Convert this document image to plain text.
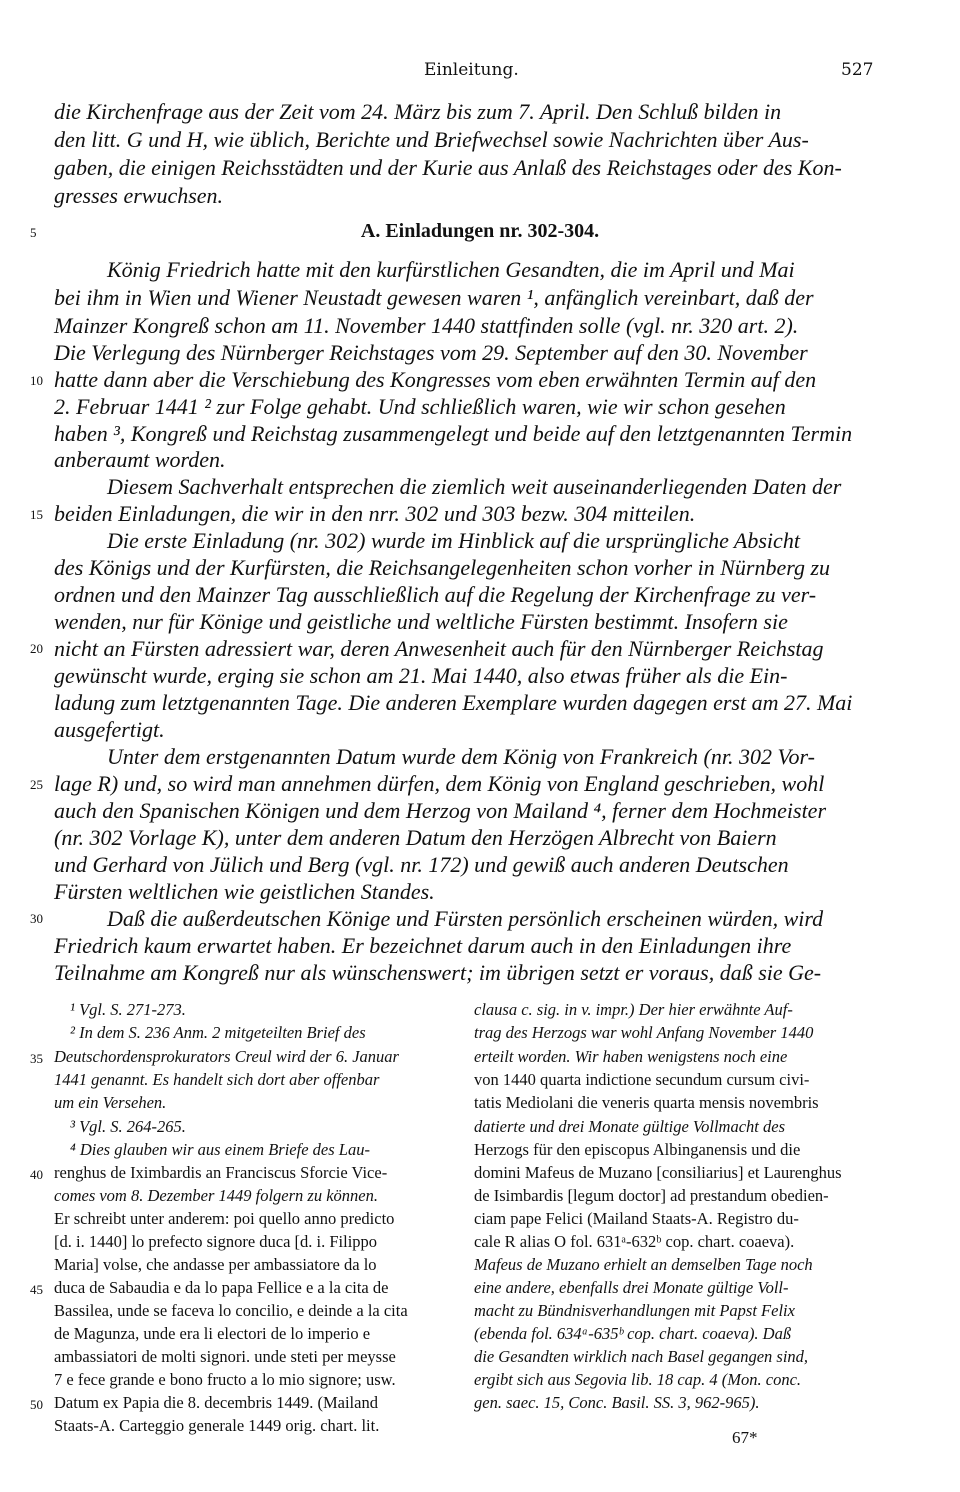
Einleitung.	527
die Kirchenfrage aus der Zeit vom 24. März bis zum 7. April. Den Schluß bilden in
den litt. G und H, wie üblich, Berichte und Briefwechsel sowie Nachrichten über Aus-
gaben, die einigen Reichsstädten und der Kurie aus Anlaß des Reichstages oder des Kon-
gresses erwuchsen.
5	A. Einladungen nr. 302-304.
König Friedrich hatte mit den kurfürstlichen Gesandten, die im April und Mai
bei ihm in Wien und Wiener Neustadt gewesen waren ¹, anfänglich vereinbart, daß der
Mainzer Kongreß schon am 11. November 1440 stattfinden solle (vgl. nr. 320 art. 2).
Die Verlegung des Nürnberger Reichstages vom 29. September auf den 30. November
10 hatte dann aber die Verschiebung des Kongresses vom eben erwähnten Termin auf den
2. Februar 1441 ² zur Folge gehabt. Und schließlich waren, wie wir schon gesehen
haben ³, Kongreß und Reichstag zusammengelegt und beide auf den letztgenannten Termin
anberaumt worden.
Diesem Sachverhalt entsprechen die ziemlich weit auseinanderliegenden Daten der
15 beiden Einladungen, die wir in den nrr. 302 und 303 bezw. 304 mitteilen.
Die erste Einladung (nr. 302) wurde im Hinblick auf die ursprüngliche Absicht
des Königs und der Kurfürsten, die Reichsangelegenheiten schon vorher in Nürnberg zu
ordnen und den Mainzer Tag ausschließlich auf die Regelung der Kirchenfrage zu ver-
wenden, nur für Könige und geistliche und weltliche Fürsten bestimmt. Insofern sie
20 nicht an Fürsten adressiert war, deren Anwesenheit auch für den Nürnberger Reichstag
gewünscht wurde, erging sie schon am 21. Mai 1440, also etwas früher als die Ein-
ladung zum letztgenannten Tage. Die anderen Exemplare wurden dagegen erst am 27. Mai
ausgefertigt.
Unter dem erstgenannten Datum wurde dem König von Frankreich (nr. 302 Vor-
25 lage R) und, so wird man annehmen dürfen, dem König von England geschrieben, wohl
auch den Spanischen Königen und dem Herzog von Mailand ⁴, ferner dem Hochmeister
(nr. 302 Vorlage K), unter dem anderen Datum den Herzögen Albrecht von Baiern
und Gerhard von Jülich und Berg (vgl. nr. 172) und gewiß auch anderen Deutschen
Fürsten weltlichen wie geistlichen Standes.
30	Daß die außerdeutschen Könige und Fürsten persönlich erscheinen würden, wird
Friedrich kaum erwartet haben. Er bezeichnet darum auch in den Einladungen ihre
Teilnahme am Kongreß nur als wünschenswert; im übrigen setzt er voraus, daß sie Ge-
¹ Vgl. S. 271-273.
² In dem S. 236 Anm. 2 mitgeteilten Brief des
35 Deutschordensprokurators Creul wird der 6. Januar
1441 genannt. Es handelt sich dort aber offenbar
um ein Versehen.
³ Vgl. S. 264-265.
⁴ Dies glauben wir aus einem Briefe des Lau-
40 renghus de Iximbardis an Franciscus Sforcie Vice-
comes vom 8. Dezember 1449 folgern zu können.
Er schreibt unter anderem: poi quello anno predicto
[d. i. 1440] lo prefecto signore duca [d. i. Filippo
Maria] volse, che andasse per ambassiatore da lo
45 duca de Sabaudia e da lo papa Fellice e a la cita de
Bassilea, unde se faceva lo concilio, e deinde a la cita
de Magunza, unde era li electori de lo imperio e
ambassiatori de molti signori. unde steti per meysse
7 e fece grande e bono fructo a lo mio signore; usw.
50 Datum ex Papia die 8. decembris 1449. (Mailand
Staats-A. Carteggio generale 1449 orig. chart. lit.
clausa c. sig. in v. impr.) Der hier erwähnte Auf-
trag des Herzogs war wohl Anfang November 1440
erteilt worden. Wir haben wenigstens noch eine
von 1440 quarta indictione secundum cursum civi-
tatis Mediolani die veneris quarta mensis novembris
datierte und drei Monate gültige Vollmacht des
Herzogs für den episcopus Albinganensis und die
domini Mafeus de Muzano [consiliarius] et Laurenghus
de Isimbardis [legum doctor] ad prestandum obedien-
ciam pape Felici (Mailand Staats-A. Registro du-
cale R alias O fol. 631ᵃ-632ᵇ cop. chart. coaeva).
Mafeus de Muzano erhielt an demselben Tage noch
eine andere, ebenfalls drei Monate gültige Voll-
macht zu Bündnisverhandlungen mit Papst Felix
(ebenda fol. 634ᵃ-635ᵇ cop. chart. coaeva). Daß
die Gesandten wirklich nach Basel gegangen sind,
ergibt sich aus Segovia lib. 18 cap. 4 (Mon. conc.
gen. saec. 15, Conc. Basil. SS. 3, 962-965).
67*
